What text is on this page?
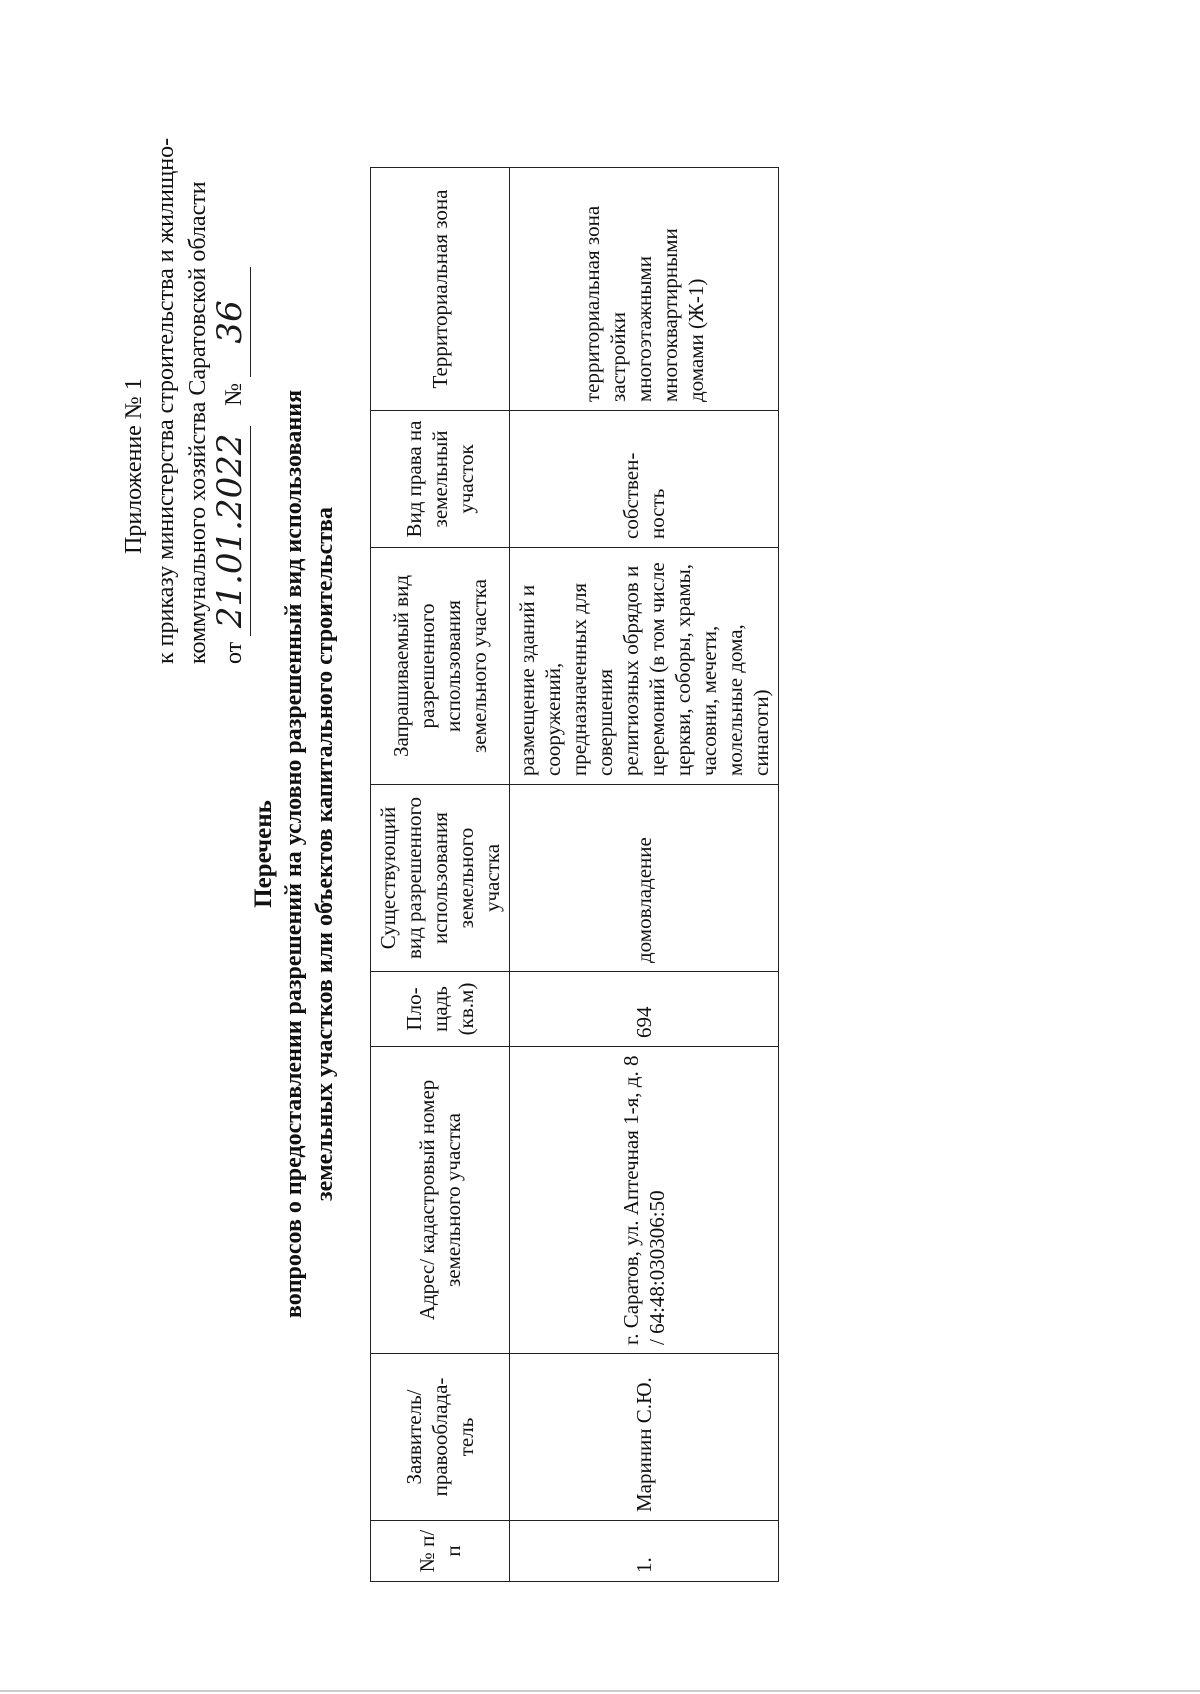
Приложение № 1 к приказу министерства строительства и жилищно- коммунального хозяйства Саратовской области от 21.01.2022 № 36
Перечень вопросов о предоставлении разрешений на условно разрешенный вид использования земельных участков или объектов капитального строительства
№ п/п	Заявитель/ правооблада-тель	Адрес/ кадастровый номер земельного участка	Пло-щадь (кв.м)	Существующий вид разрешенного использования земельного участка	Запрашиваемый вид разрешенного использования земельного участка	Вид права на земельный участок	Территориальная зона
1.	Маринин С.Ю.	г. Саратов, ул. Аптечная 1-я, д. 8 / 64:48:030306:50	694	домовладение	размещение зданий и сооружений, предназначенных для совершения религиозных обрядов и церемоний (в том числе церкви, соборы, храмы, часовни, мечети, молельные дома, синагоги)	собствен-ность	территориальная зона застройки многоэтажными многоквартирными домами (Ж-1)
